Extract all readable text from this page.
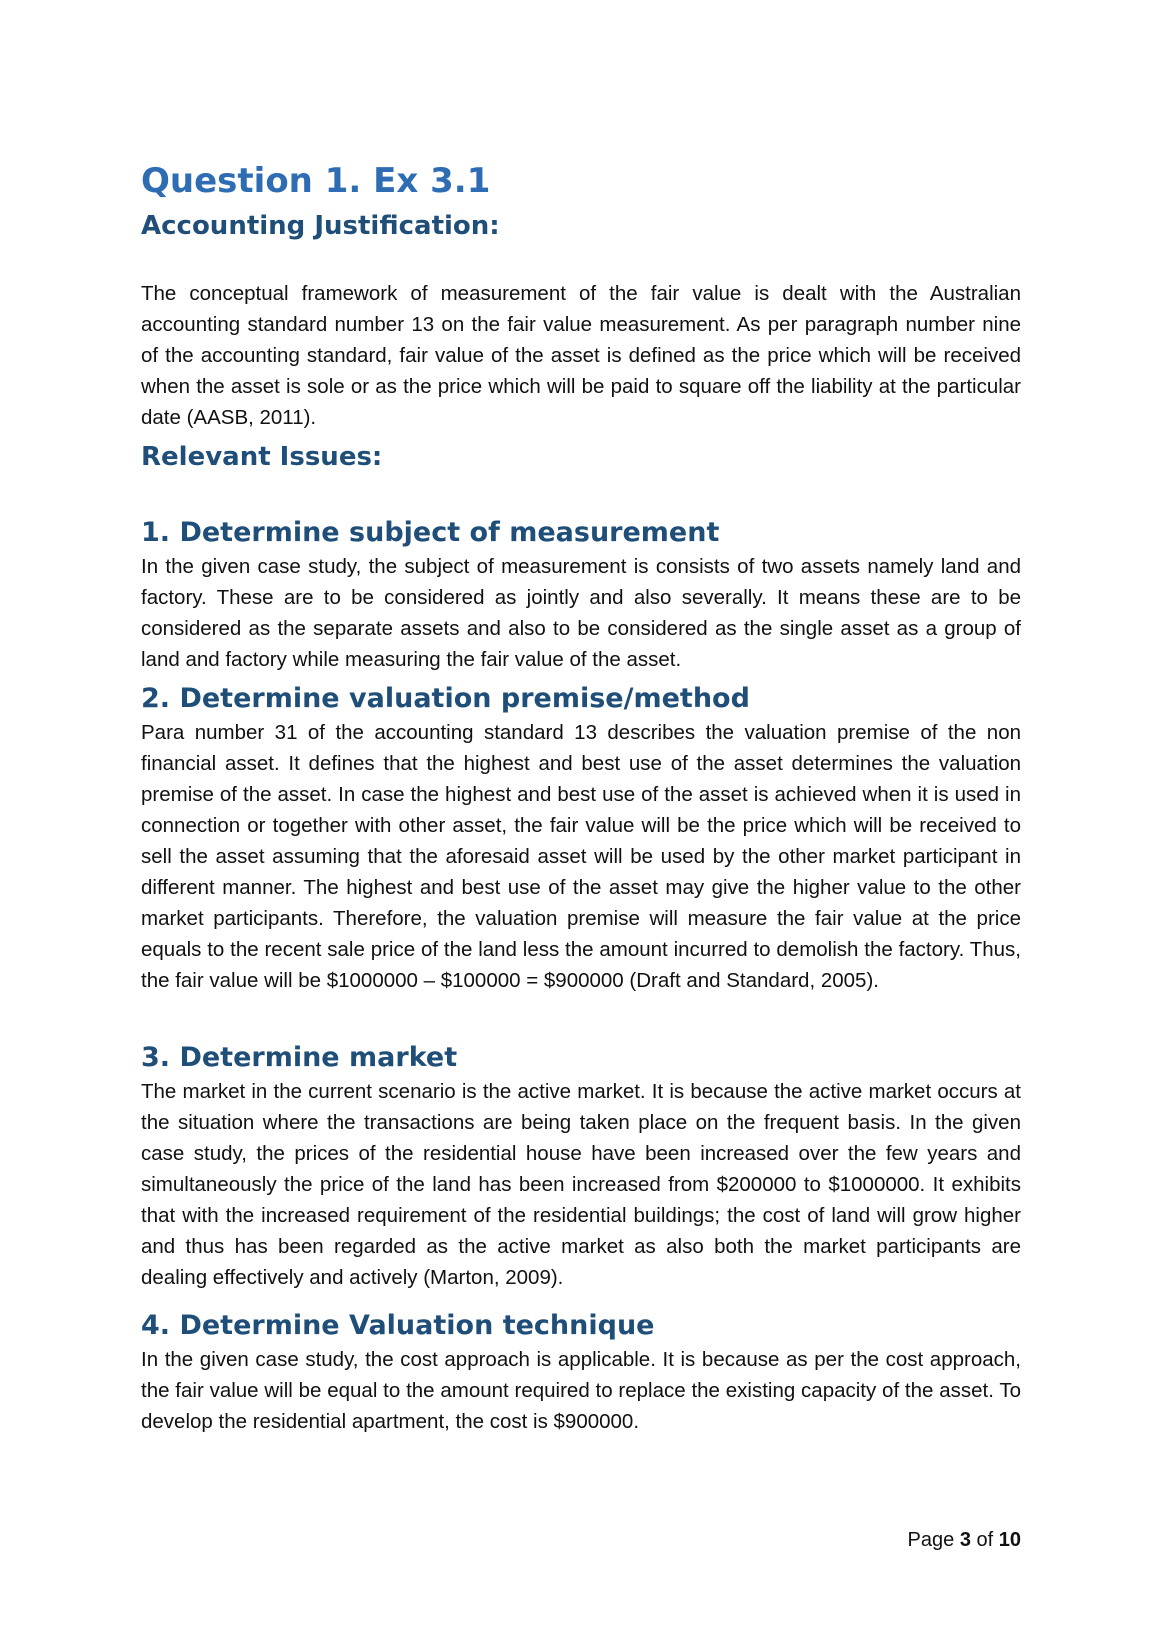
Question 1. Ex 3.1
Accounting Justification:

The conceptual framework of measurement of the fair value is dealt with the Australian accounting standard number 13 on the fair value measurement. As per paragraph number nine of the accounting standard, fair value of the asset is defined as the price which will be received when the asset is sole or as the price which will be paid to square off the liability at the particular date (AASB, 2011).

Relevant Issues:
1. Determine subject of measurement

In the given case study, the subject of measurement is consists of two assets namely land and factory. These are to be considered as jointly and also severally. It means these are to be considered as the separate assets and also to be considered as the single asset as a group of land and factory while measuring the fair value of the asset.

2. Determine valuation premise/method

Para number 31 of the accounting standard 13 describes the valuation premise of the non financial asset. It defines that the highest and best use of the asset determines the valuation premise of the asset. In case the highest and best use of the asset is achieved when it is used in connection or together with other asset, the fair value will be the price which will be received to sell the asset assuming that the aforesaid asset will be used by the other market participant in different manner. The highest and best use of the asset may give the higher value to the other market participants. Therefore, the valuation premise will measure the fair value at the price equals to the recent sale price of the land less the amount incurred to demolish the factory. Thus, the fair value will be $1000000 – $100000 = $900000 (Draft and Standard, 2005).

3. Determine market

The market in the current scenario is the active market. It is because the active market occurs at the situation where the transactions are being taken place on the frequent basis. In the given case study, the prices of the residential house have been increased over the few years and simultaneously the price of the land has been increased from $200000 to $1000000. It exhibits that with the increased requirement of the residential buildings; the cost of land will grow higher and thus has been regarded as the active market as also both the market participants are dealing effectively and actively (Marton, 2009).

4. Determine Valuation technique

In the given case study, the cost approach is applicable. It is because as per the cost approach, the fair value will be equal to the amount required to replace the existing capacity of the asset. To develop the residential apartment, the cost is $900000.

Page 3 of 10
